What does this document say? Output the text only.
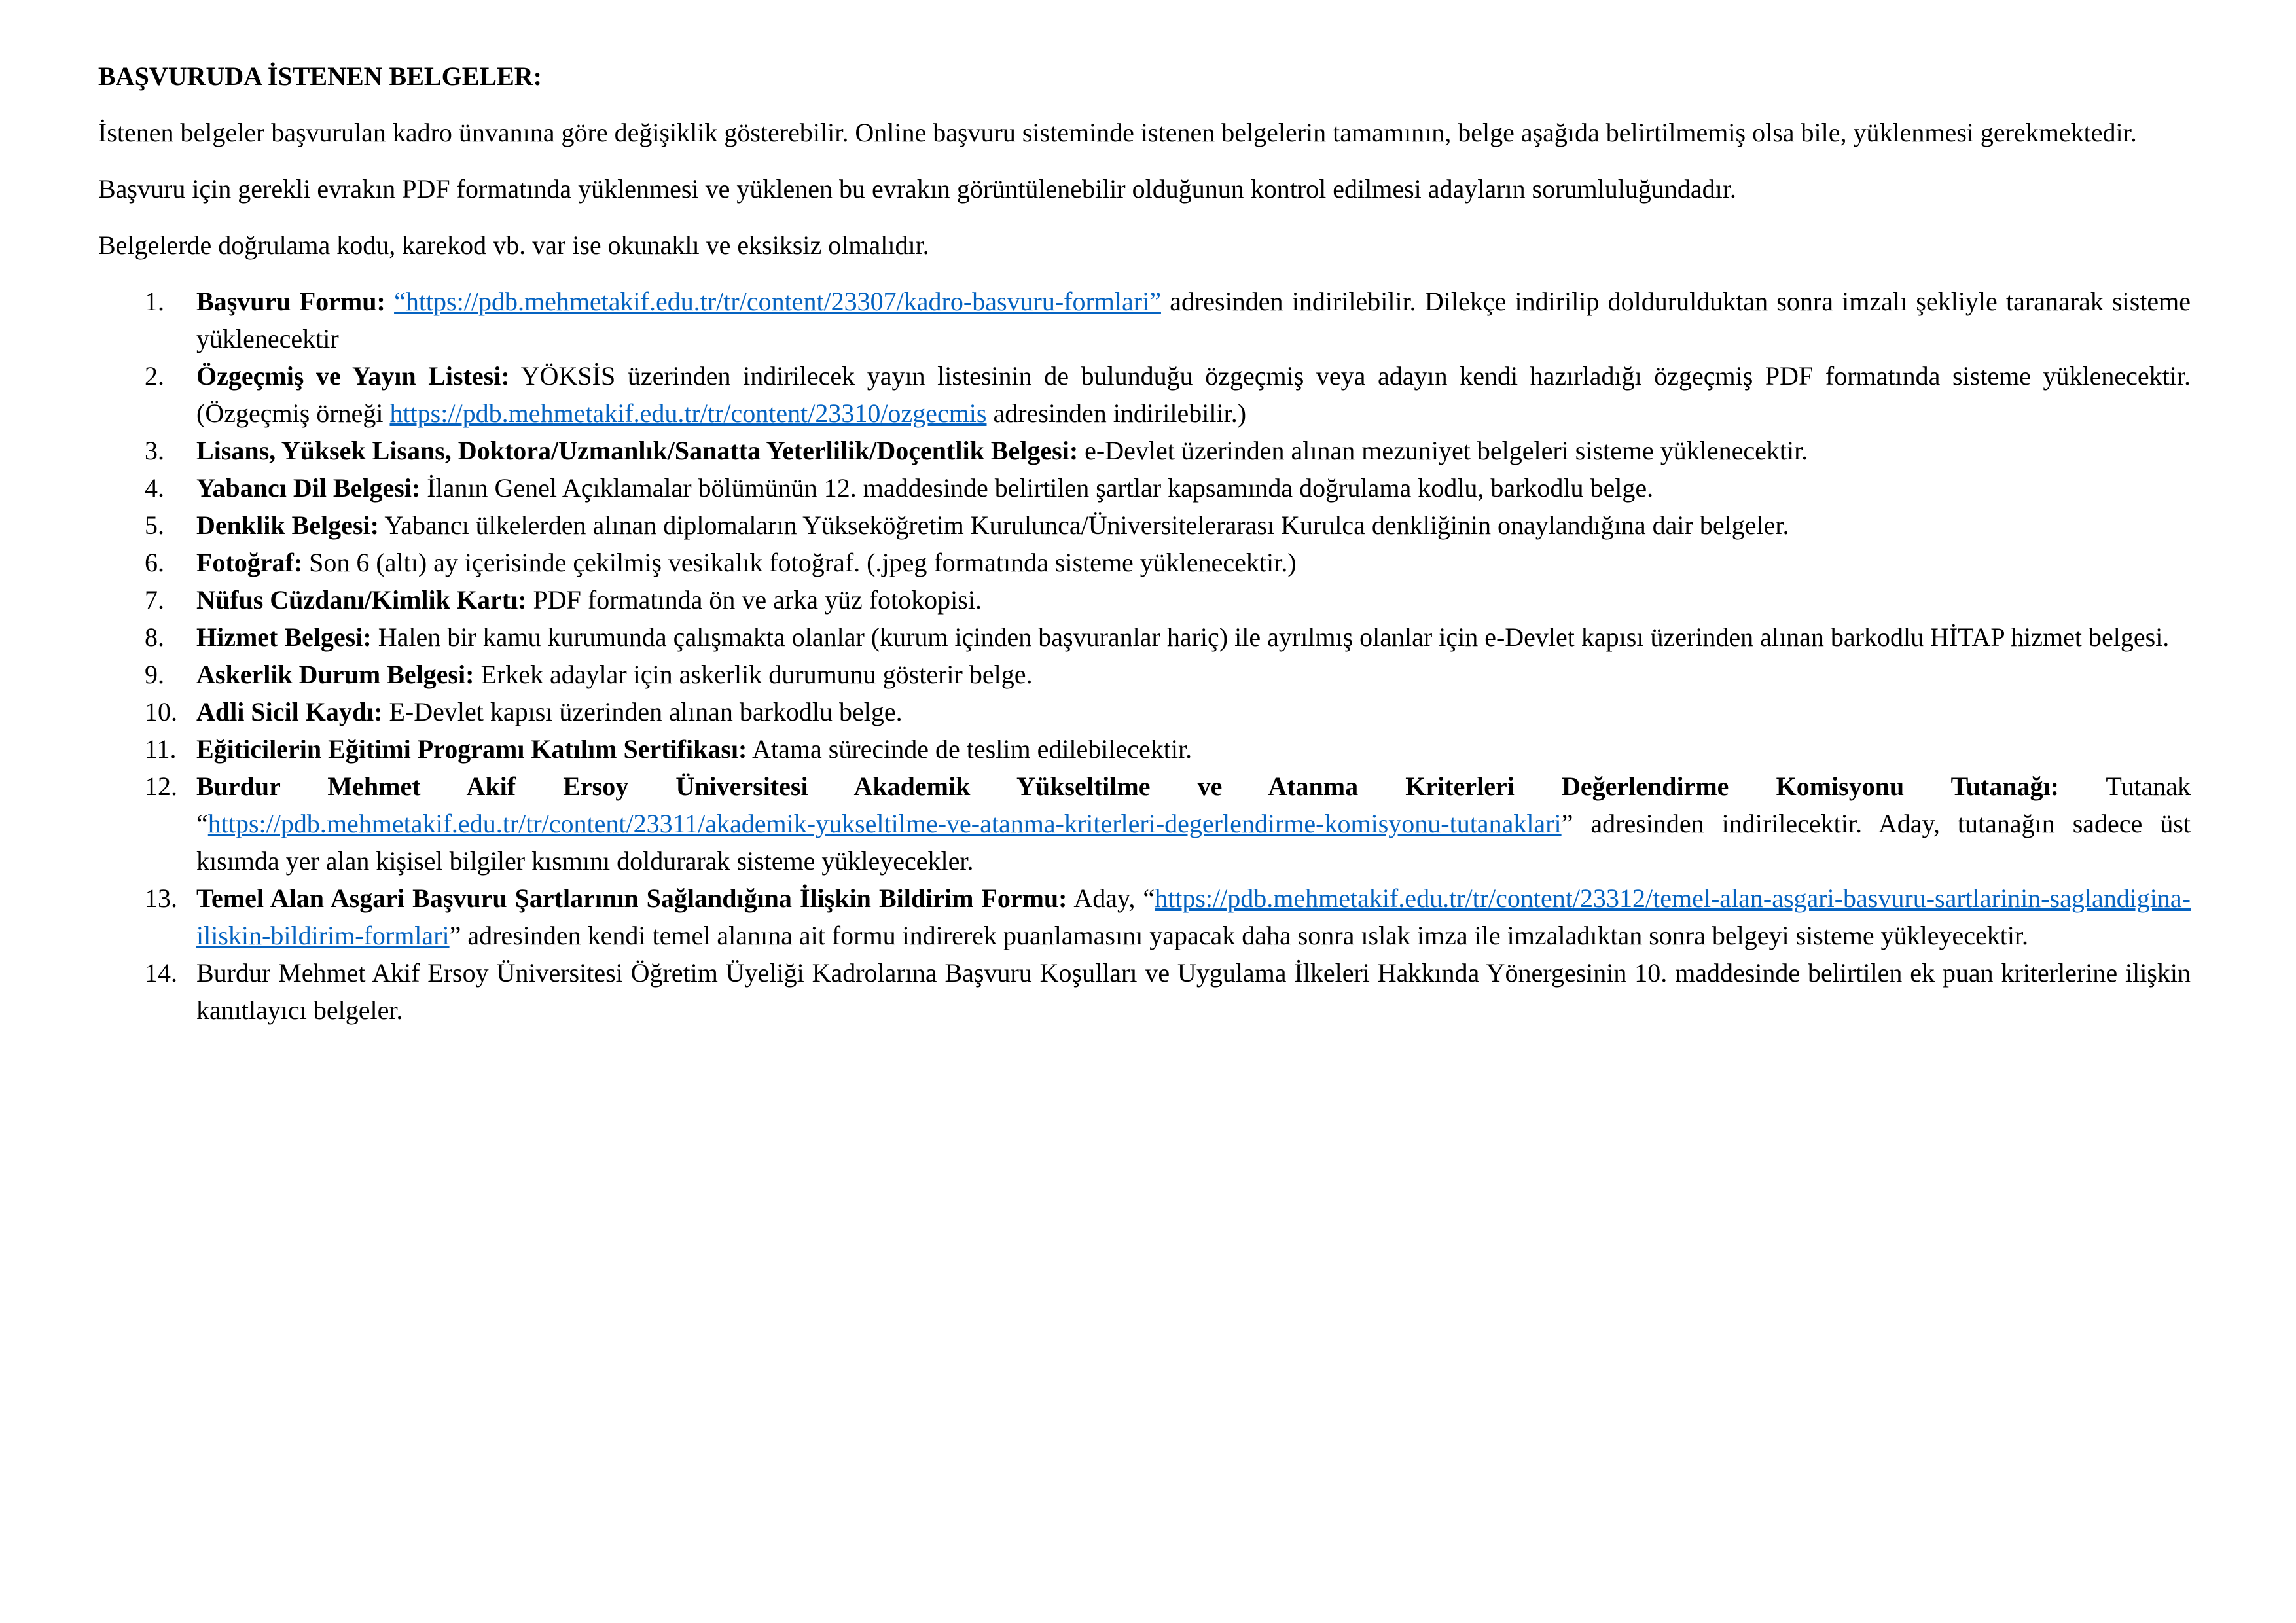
BAŞVURUDA İSTENEN BELGELER:

İstenen belgeler başvurulan kadro ünvanına göre değişiklik gösterebilir. Online başvuru sisteminde istenen belgelerin tamamının, belge aşağıda belirtilmemiş olsa bile, yüklenmesi gerekmektedir.

Başvuru için gerekli evrakın PDF formatında yüklenmesi ve yüklenen bu evrakın görüntülenebilir olduğunun kontrol edilmesi adayların sorumluluğundadır.

Belgelerde doğrulama kodu, karekod vb. var ise okunaklı ve eksiksiz olmalıdır.

1. Başvuru Formu: “https://pdb.mehmetakif.edu.tr/tr/content/23307/kadro-basvuru-formlari” adresinden indirilebilir. Dilekçe indirilip doldurulduktan sonra imzalı şekliyle taranarak sisteme yüklenecektir
2. Özgeçmiş ve Yayın Listesi: YÖKSİS üzerinden indirilecek yayın listesinin de bulunduğu özgeçmiş veya adayın kendi hazırladığı özgeçmiş PDF formatında sisteme yüklenecektir. (Özgeçmiş örneği https://pdb.mehmetakif.edu.tr/tr/content/23310/ozgecmis adresinden indirilebilir.)
3. Lisans, Yüksek Lisans, Doktora/Uzmanlık/Sanatta Yeterlilik/Doçentlik Belgesi: e-Devlet üzerinden alınan mezuniyet belgeleri sisteme yüklenecektir.
4. Yabancı Dil Belgesi: İlanın Genel Açıklamalar bölümünün 12. maddesinde belirtilen şartlar kapsamında doğrulama kodlu, barkodlu belge.
5. Denklik Belgesi: Yabancı ülkelerden alınan diplomaların Yükseköğretim Kurulunca/Üniversitelerarası Kurulca denkliğinin onaylandığına dair belgeler.
6. Fotoğraf: Son 6 (altı) ay içerisinde çekilmiş vesikalık fotoğraf. (.jpeg formatında sisteme yüklenecektir.)
7. Nüfus Cüzdanı/Kimlik Kartı: PDF formatında ön ve arka yüz fotokopisi.
8. Hizmet Belgesi: Halen bir kamu kurumunda çalışmakta olanlar (kurum içinden başvuranlar hariç) ile ayrılmış olanlar için e-Devlet kapısı üzerinden alınan barkodlu HİTAP hizmet belgesi.
9. Askerlik Durum Belgesi: Erkek adaylar için askerlik durumunu gösterir belge.
10. Adli Sicil Kaydı: E-Devlet kapısı üzerinden alınan barkodlu belge.
11. Eğiticilerin Eğitimi Programı Katılım Sertifikası: Atama sürecinde de teslim edilebilecektir.
12. Burdur Mehmet Akif Ersoy Üniversitesi Akademik Yükseltilme ve Atanma Kriterleri Değerlendirme Komisyonu Tutanağı: Tutanak “https://pdb.mehmetakif.edu.tr/tr/content/23311/akademik-yukseltilme-ve-atanma-kriterleri-degerlendirme-komisyonu-tutanaklari” adresinden indirilecektir. Aday, tutanağın sadece üst kısımda yer alan kişisel bilgiler kısmını doldurarak sisteme yükleyecekler.
13. Temel Alan Asgari Başvuru Şartlarının Sağlandığına İlişkin Bildirim Formu: Aday, “https://pdb.mehmetakif.edu.tr/tr/content/23312/temel-alan-asgari-basvuru-sartlarinin-saglandigina-iliskin-bildirim-formlari” adresinden kendi temel alanına ait formu indirerek puanlamasını yapacak daha sonra ıslak imza ile imzaladıktan sonra belgeyi sisteme yükleyecektir.
14. Burdur Mehmet Akif Ersoy Üniversitesi Öğretim Üyeliği Kadrolarına Başvuru Koşulları ve Uygulama İlkeleri Hakkında Yönergesinin 10. maddesinde belirtilen ek puan kriterlerine ilişkin kanıtlayıcı belgeler.
